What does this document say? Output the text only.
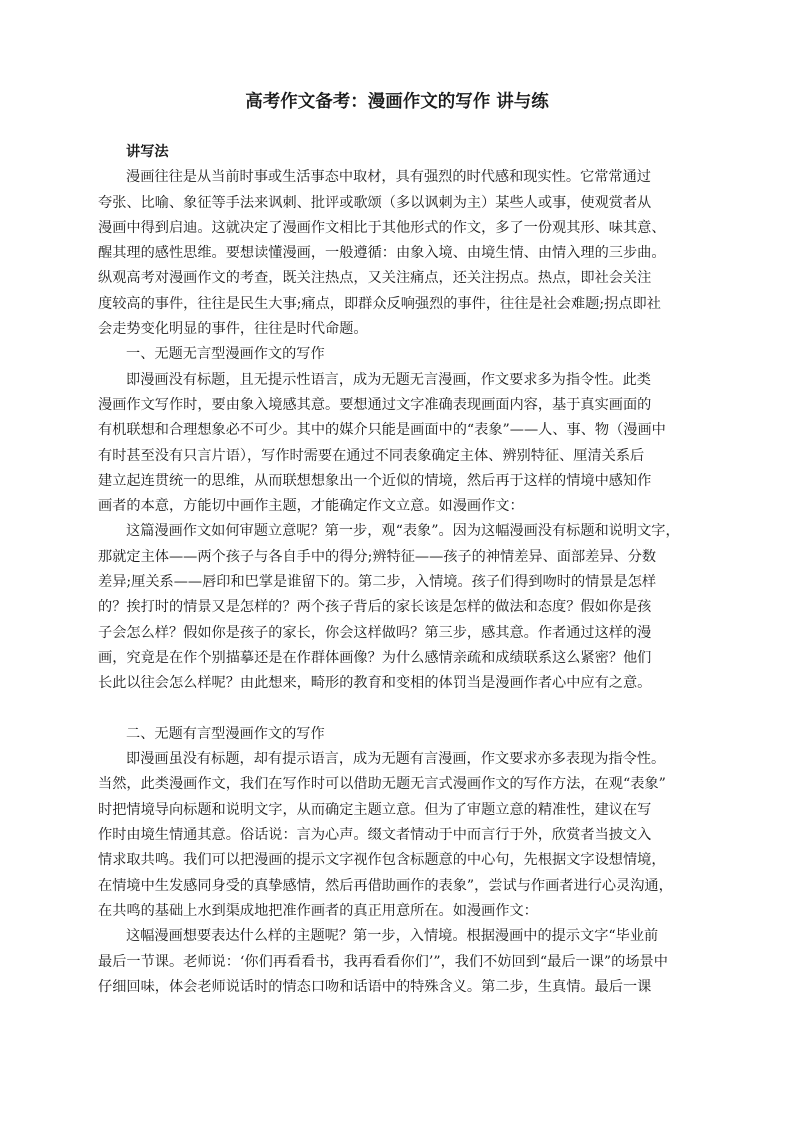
高考作文备考：漫画作文的写作 讲与练
讲写法
漫画往往是从当前时事或生活事态中取材，具有强烈的时代感和现实性。它常常通过
夸张、比喻、象征等手法来讽刺、批评或歌颂（多以讽刺为主）某些人或事，使观赏者从
漫画中得到启迪。这就决定了漫画作文相比于其他形式的作文，多了一份观其形、味其意、
醒其理的感性思维。要想读懂漫画，一般遵循：由象入境、由境生情、由情入理的三步曲。
纵观高考对漫画作文的考查，既关注热点，又关注痛点，还关注拐点。热点，即社会关注
度较高的事件，往往是民生大事;痛点，即群众反响强烈的事件，往往是社会难题;拐点即社
会走势变化明显的事件，往往是时代命题。
一、无题无言型漫画作文的写作
即漫画没有标题，且无提示性语言，成为无题无言漫画，作文要求多为指令性。此类
漫画作文写作时，要由象入境感其意。要想通过文字准确表现画面内容，基于真实画面的
有机联想和合理想象必不可少。其中的媒介只能是画面中的“表象”——人、事、物（漫画中
有时甚至没有只言片语），写作时需要在通过不同表象确定主体、辨别特征、厘清关系后
建立起连贯统一的思维，从而联想想象出一个近似的情境，然后再于这样的情境中感知作
画者的本意，方能切中画作主题，才能确定作文立意。如漫画作文：
这篇漫画作文如何审题立意呢？第一步，观“表象”。因为这幅漫画没有标题和说明文字，
那就定主体——两个孩子与各自手中的得分;辨特征——孩子的神情差异、面部差异、分数
差异;厘关系——唇印和巴掌是谁留下的。第二步，入情境。孩子们得到吻时的情景是怎样
的？挨打时的情景又是怎样的？两个孩子背后的家长该是怎样的做法和态度？假如你是孩
子会怎么样？假如你是孩子的家长，你会这样做吗？第三步，感其意。作者通过这样的漫
画，究竟是在作个别描摹还是在作群体画像？为什么感情亲疏和成绩联系这么紧密？他们
长此以往会怎么样呢？由此想来，畸形的教育和变相的体罚当是漫画作者心中应有之意。
二、无题有言型漫画作文的写作
即漫画虽没有标题，却有提示语言，成为无题有言漫画，作文要求亦多表现为指令性。
当然，此类漫画作文，我们在写作时可以借助无题无言式漫画作文的写作方法，在观“表象”
时把情境导向标题和说明文字，从而确定主题立意。但为了审题立意的精准性，建议在写
作时由境生情通其意。俗话说：言为心声。缀文者情动于中而言行于外，欣赏者当披文入
情求取共鸣。我们可以把漫画的提示文字视作包含标题意的中心句，先根据文字设想情境，
在情境中生发感同身受的真挚感情，然后再借助画作的表象”，尝试与作画者进行心灵沟通，
在共鸣的基础上水到渠成地把准作画者的真正用意所在。如漫画作文：
这幅漫画想要表达什么样的主题呢？第一步，入情境。根据漫画中的提示文字“毕业前
最后一节课。老师说：‘你们再看看书，我再看看你们’”，我们不妨回到“最后一课”的场景中
仔细回味，体会老师说话时的情态口吻和话语中的特殊含义。第二步，生真情。最后一课
